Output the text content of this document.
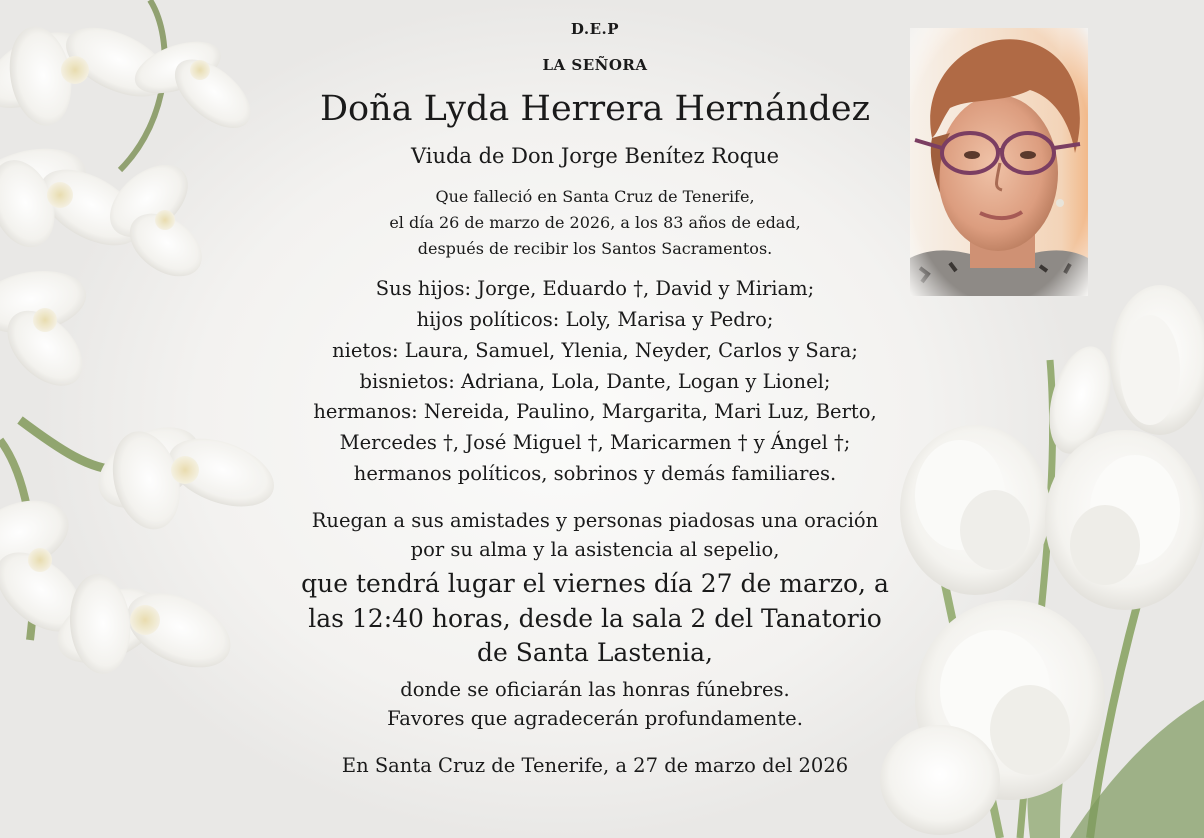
D.E.P
LA SEÑORA
Doña Lyda Herrera Hernández
Viuda de Don Jorge Benítez Roque
Que falleció en Santa Cruz de Tenerife,
el día 26 de marzo de 2026, a los 83 años de edad,
después de recibir los Santos Sacramentos.
Sus hijos: Jorge, Eduardo †, David y Miriam;
hijos políticos: Loly, Marisa y Pedro;
nietos: Laura, Samuel, Ylenia, Neyder, Carlos y Sara;
bisnietos: Adriana, Lola, Dante, Logan y Lionel;
hermanos: Nereida, Paulino, Margarita, Mari Luz, Berto,
Mercedes †, José Miguel †, Maricarmen † y Ángel †;
hermanos políticos, sobrinos y demás familiares.
Ruegan a sus amistades y personas piadosas una oración
por su alma y la asistencia al sepelio,
que tendrá lugar el viernes día 27 de marzo, a
las 12:40 horas, desde la sala 2 del Tanatorio
de Santa Lastenia,
donde se oficiarán las honras fúnebres.
Favores que agradecerán profundamente.
En Santa Cruz de Tenerife, a 27 de marzo del 2026
